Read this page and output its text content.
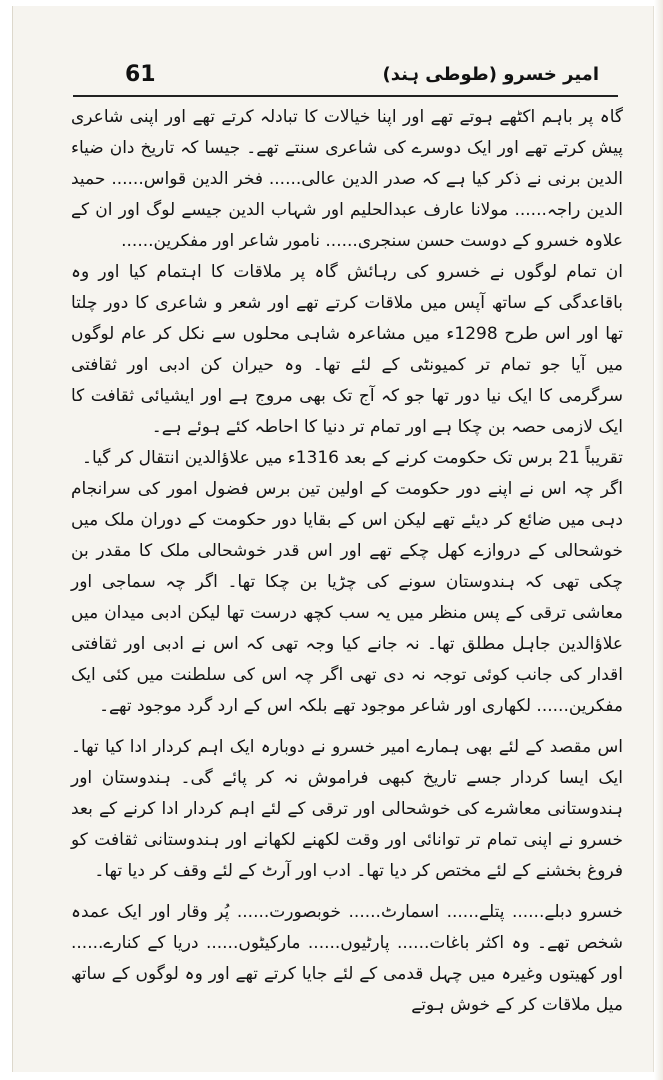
61	امیر خسرو (طوطی ہند)

گاہ پر باہم اکٹھے ہوتے تھے اور اپنا خیالات کا تبادلہ کرتے تھے اور اپنی شاعری پیش کرتے تھے اور ایک دوسرے کی شاعری سنتے تھے۔ جیسا کہ تاریخ دان ضیاء الدین برنی نے ذکر کیا ہے کہ صدر الدین عالی...... فخر الدین قواس...... حمید الدین راجہ...... مولانا عارف عبدالحلیم اور شہاب الدین جیسے لوگ اور ان کے علاوہ خسرو کے دوست حسن سنجری...... نامور شاعر اور مفکرین......

ان تمام لوگوں نے خسرو کی رہائش گاہ پر ملاقات کا اہتمام کیا اور وہ باقاعدگی کے ساتھ آپس میں ملاقات کرتے تھے اور شعر و شاعری کا دور چلتا تھا اور اس طرح 1298ء میں مشاعرہ شاہی محلوں سے نکل کر عام لوگوں میں آیا جو تمام تر کمیونٹی کے لئے تھا۔ وہ حیران کن ادبی اور ثقافتی سرگرمی کا ایک نیا دور تھا جو کہ آج تک بھی مروج ہے اور ایشیائی ثقافت کا ایک لازمی حصہ بن چکا ہے اور تمام تر دنیا کا احاطہ کئے ہوئے ہے۔

تقریباً 21 برس تک حکومت کرنے کے بعد 1316ء میں علاؤالدین انتقال کر گیا۔

اگر چہ اس نے اپنے دور حکومت کے اولین تین برس فضول امور کی سرانجام دہی میں ضائع کر دیئے تھے لیکن اس کے بقایا دور حکومت کے دوران ملک میں خوشحالی کے دروازے کھل چکے تھے اور اس قدر خوشحالی ملک کا مقدر بن چکی تھی کہ ہندوستان سونے کی چڑیا بن چکا تھا۔ اگر چہ سماجی اور معاشی ترقی کے پس منظر میں یہ سب کچھ درست تھا لیکن ادبی میدان میں علاؤالدین جاہل مطلق تھا۔ نہ جانے کیا وجہ تھی کہ اس نے ادبی اور ثقافتی اقدار کی جانب کوئی توجہ نہ دی تھی اگر چہ اس کی سلطنت میں کئی ایک مفکرین...... لکھاری اور شاعر موجود تھے بلکہ اس کے ارد گرد موجود تھے۔

اس مقصد کے لئے بھی ہمارے امیر خسرو نے دوبارہ ایک اہم کردار ادا کیا تھا۔ ایک ایسا کردار جسے تاریخ کبھی فراموش نہ کر پائے گی۔ ہندوستان اور ہندوستانی معاشرے کی خوشحالی اور ترقی کے لئے اہم کردار ادا کرنے کے بعد خسرو نے اپنی تمام تر توانائی اور وقت لکھنے لکھانے اور ہندوستانی ثقافت کو فروغ بخشنے کے لئے مختص کر دیا تھا۔ ادب اور آرٹ کے لئے وقف کر دیا تھا۔

خسرو دبلے...... پتلے...... اسمارٹ...... خوبصورت...... پُر وقار اور ایک عمدہ شخص تھے۔ وہ اکثر باغات...... پارٹیوں...... مارکیٹوں...... دریا کے کنارے...... اور کھیتوں وغیرہ میں چہل قدمی کے لئے جایا کرتے تھے اور وہ لوگوں کے ساتھ میل ملاقات کر کے خوش ہوتے
